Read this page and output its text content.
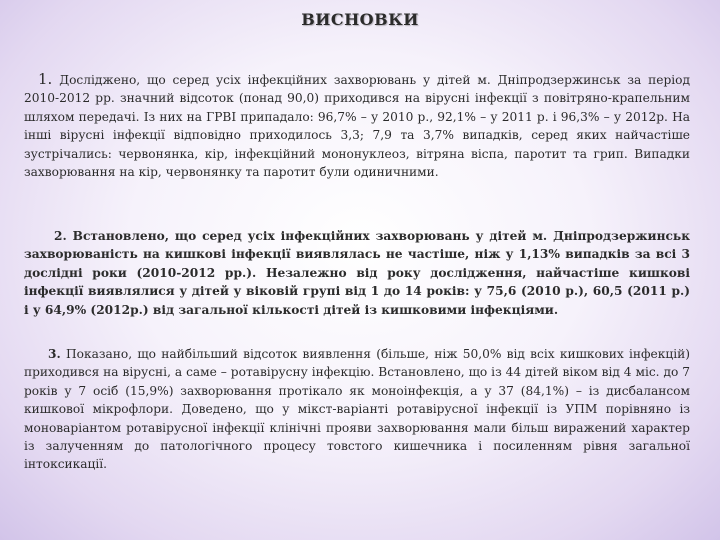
ВИСНОВКИ

1. Досліджено, що серед усіх інфекційних захворювань у дітей м. Дніпродзержинськ за період 2010-2012 рр. значний відсоток (понад 90,0) приходився на вірусні інфекції з повітряно-крапельним шляхом передачі. Із них на ГРВІ припадало: 96,7% – у 2010 р., 92,1% – у 2011 р. і 96,3% – у 2012р. На інші вірусні інфекції відповідно приходилось 3,3; 7,9 та 3,7% випадків, серед яких найчастіше зустрічались: червонянка, кір, інфекційний мононуклеоз, вітряна віспа, паротит та грип. Випадки захворювання на кір, червонянку та паротит були одиничними.

2. Встановлено, що серед усіх інфекційних захворювань у дітей м. Дніпродзержинськ захворюваність на кишкові інфекції виявлялась не частіше, ніж у 1,13% випадків за всі 3 дослідні роки (2010-2012 рр.). Незалежно від року дослідження, найчастіше кишкові інфекції виявлялися у дітей у віковій групі від 1 до 14 років: у 75,6 (2010 р.), 60,5 (2011 р.) і у 64,9% (2012р.) від загальної кількості дітей із кишковими інфекціями.

3. Показано, що найбільший відсоток виявлення (більше, ніж 50,0% від всіх кишкових інфекцій) приходився на вірусні, а саме – ротавірусну інфекцію. Встановлено, що із 44 дітей віком від 4 міс. до 7 років у 7 осіб (15,9%) захворювання протікало як моноінфекція, а у 37 (84,1%) – із дисбалансом кишкової мікрофлори. Доведено, що у мікст-варіанті ротавірусної інфекції із УПМ порівняно із моноваріантом ротавірусної інфекції клінічні прояви захворювання мали більш виражений характер із залученням до патологічного процесу товстого кишечника і посиленням рівня загальної інтоксикації.
